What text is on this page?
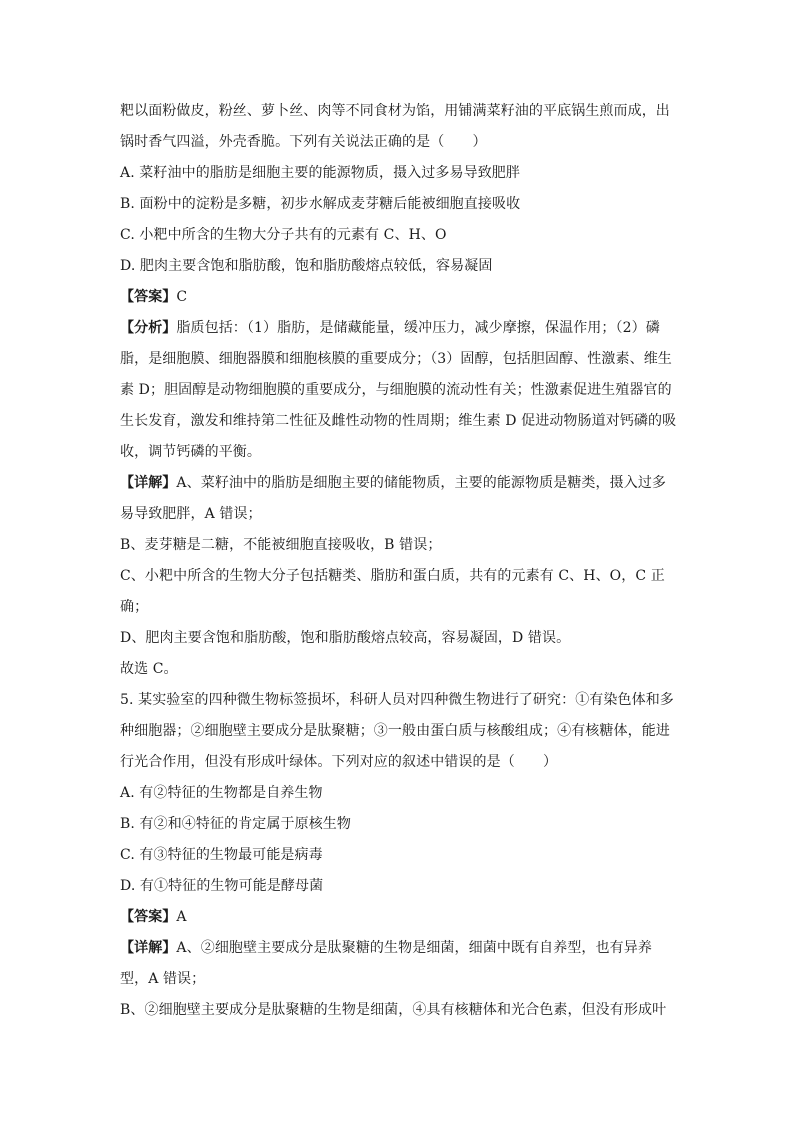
粑以面粉做皮，粉丝、萝卜丝、肉等不同食材为馅，用铺满菜籽油的平底锅生煎而成，出
锅时香气四溢，外壳香脆。下列有关说法正确的是（　　）
A. 菜籽油中的脂肪是细胞主要的能源物质，摄入过多易导致肥胖
B. 面粉中的淀粉是多糖，初步水解成麦芽糖后能被细胞直接吸收
C. 小粑中所含的生物大分子共有的元素有 C、H、O
D. 肥肉主要含饱和脂肪酸，饱和脂肪酸熔点较低，容易凝固
【答案】C
【分析】脂质包括：（1）脂肪，是储藏能量，缓冲压力，减少摩擦，保温作用；（2）磷
脂，是细胞膜、细胞器膜和细胞核膜的重要成分；（3）固醇，包括胆固醇、性激素、维生
素 D；胆固醇是动物细胞膜的重要成分，与细胞膜的流动性有关；性激素促进生殖器官的
生长发育，激发和维持第二性征及雌性动物的性周期；维生素 D 促进动物肠道对钙磷的吸
收，调节钙磷的平衡。
【详解】A、菜籽油中的脂肪是细胞主要的储能物质，主要的能源物质是糖类，摄入过多
易导致肥胖，A 错误；
B、麦芽糖是二糖，不能被细胞直接吸收，B 错误；
C、小粑中所含的生物大分子包括糖类、脂肪和蛋白质，共有的元素有 C、H、O，C 正
确；
D、肥肉主要含饱和脂肪酸，饱和脂肪酸熔点较高，容易凝固，D 错误。
故选 C。
5. 某实验室的四种微生物标签损坏，科研人员对四种微生物进行了研究：①有染色体和多
种细胞器；②细胞壁主要成分是肽聚糖；③一般由蛋白质与核酸组成；④有核糖体，能进
行光合作用，但没有形成叶绿体。下列对应的叙述中错误的是（　　）
A. 有②特征的生物都是自养生物
B. 有②和④特征的肯定属于原核生物
C. 有③特征的生物最可能是病毒
D. 有①特征的生物可能是酵母菌
【答案】A
【详解】A、②细胞壁主要成分是肽聚糖的生物是细菌，细菌中既有自养型，也有异养
型，A 错误；
B、②细胞壁主要成分是肽聚糖的生物是细菌，④具有核糖体和光合色素，但没有形成叶
